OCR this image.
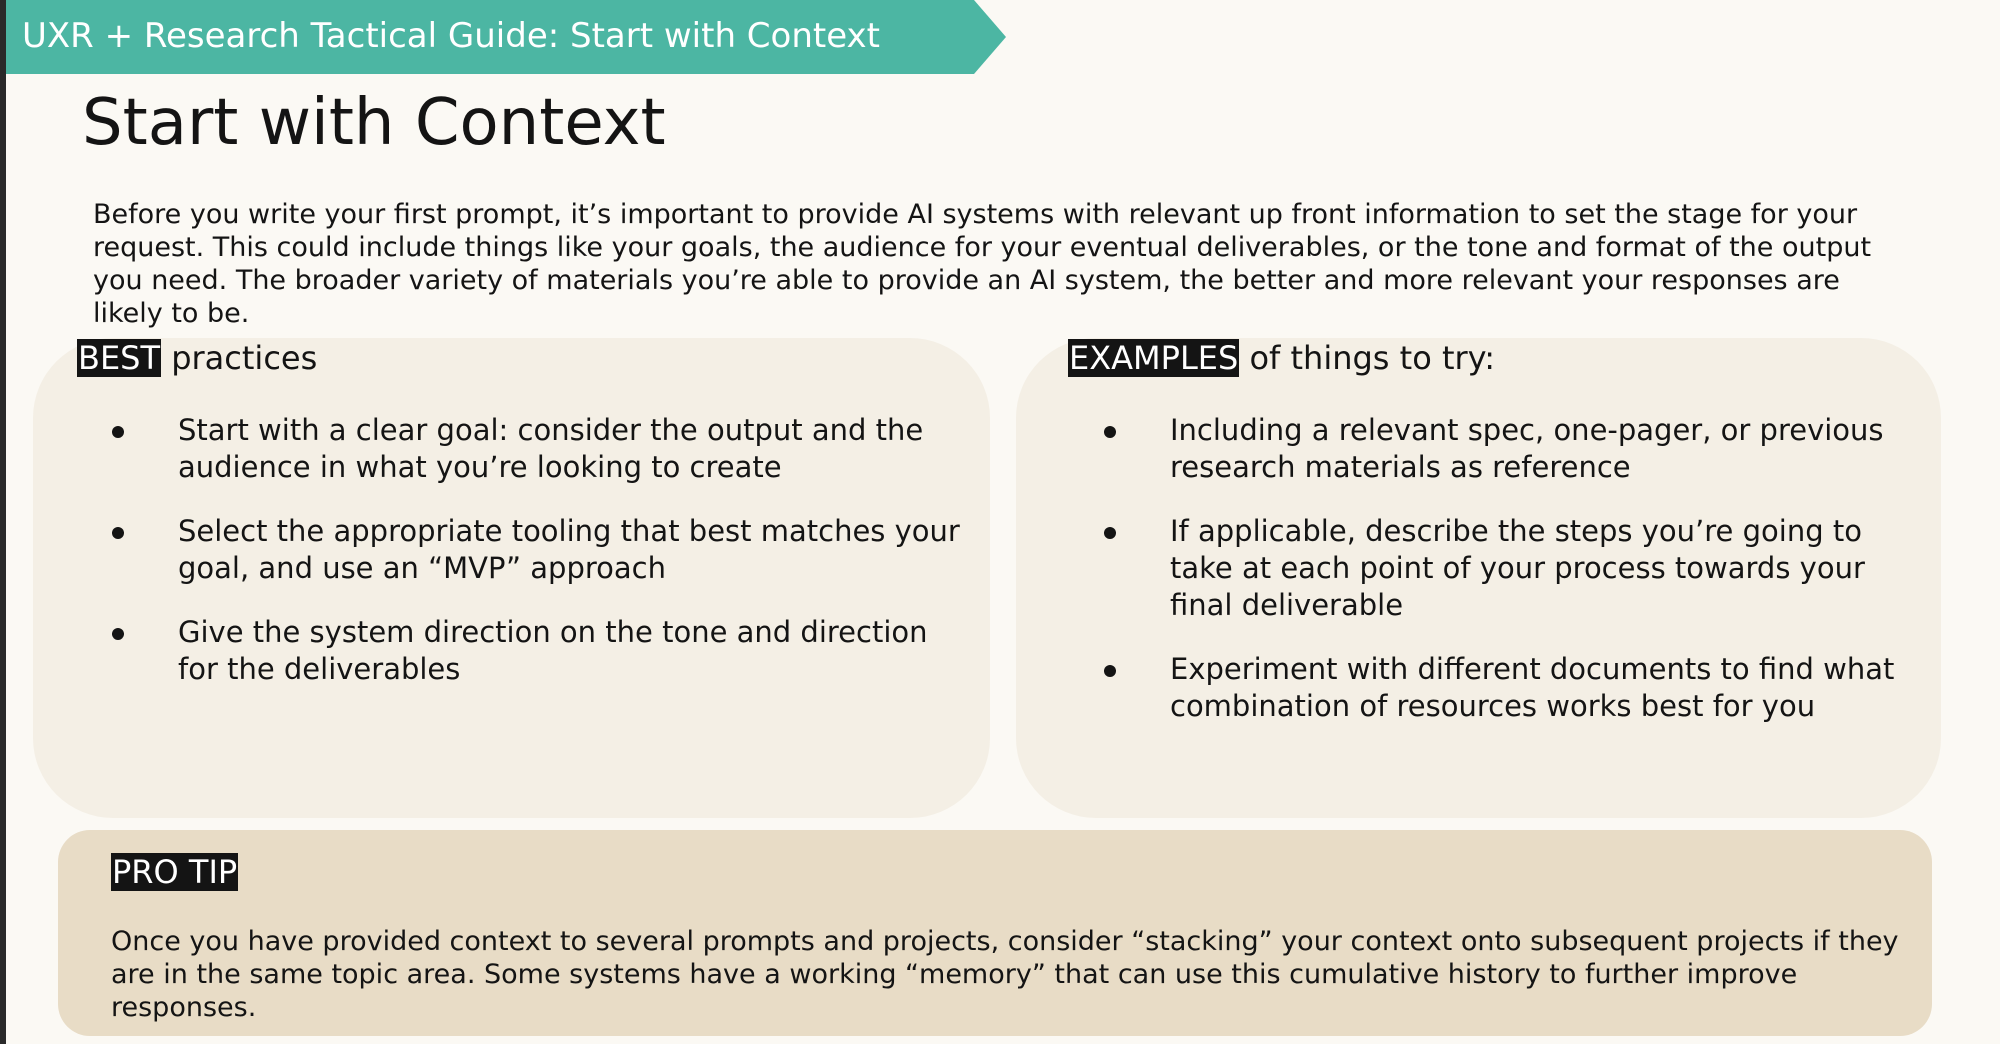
UXR + Research Tactical Guide: Start with Context
Start with Context

Before you write your first prompt, it’s important to provide AI systems with relevant up front information to set the stage for your request. This could include things like your goals, the audience for your eventual deliverables, or the tone and format of the output you need. The broader variety of materials you’re able to provide an AI system, the better and more relevant your responses are likely to be.

BEST practices	EXAMPLES of things to try:
Start with a clear goal: consider the output and the audience in what you’re looking to create
Select the appropriate tooling that best matches your goal, and use an “MVP” approach
Give the system direction on the tone and direction for the deliverables
Including a relevant spec, one-pager, or previous research materials as reference
If applicable, describe the steps you’re going to take at each point of your process towards your final deliverable
Experiment with different documents to find what combination of resources works best for you
PRO TIP

Once you have provided context to several prompts and projects, consider “stacking” your context onto subsequent projects if they are in the same topic area. Some systems have a working “memory” that can use this cumulative history to further improve responses.
